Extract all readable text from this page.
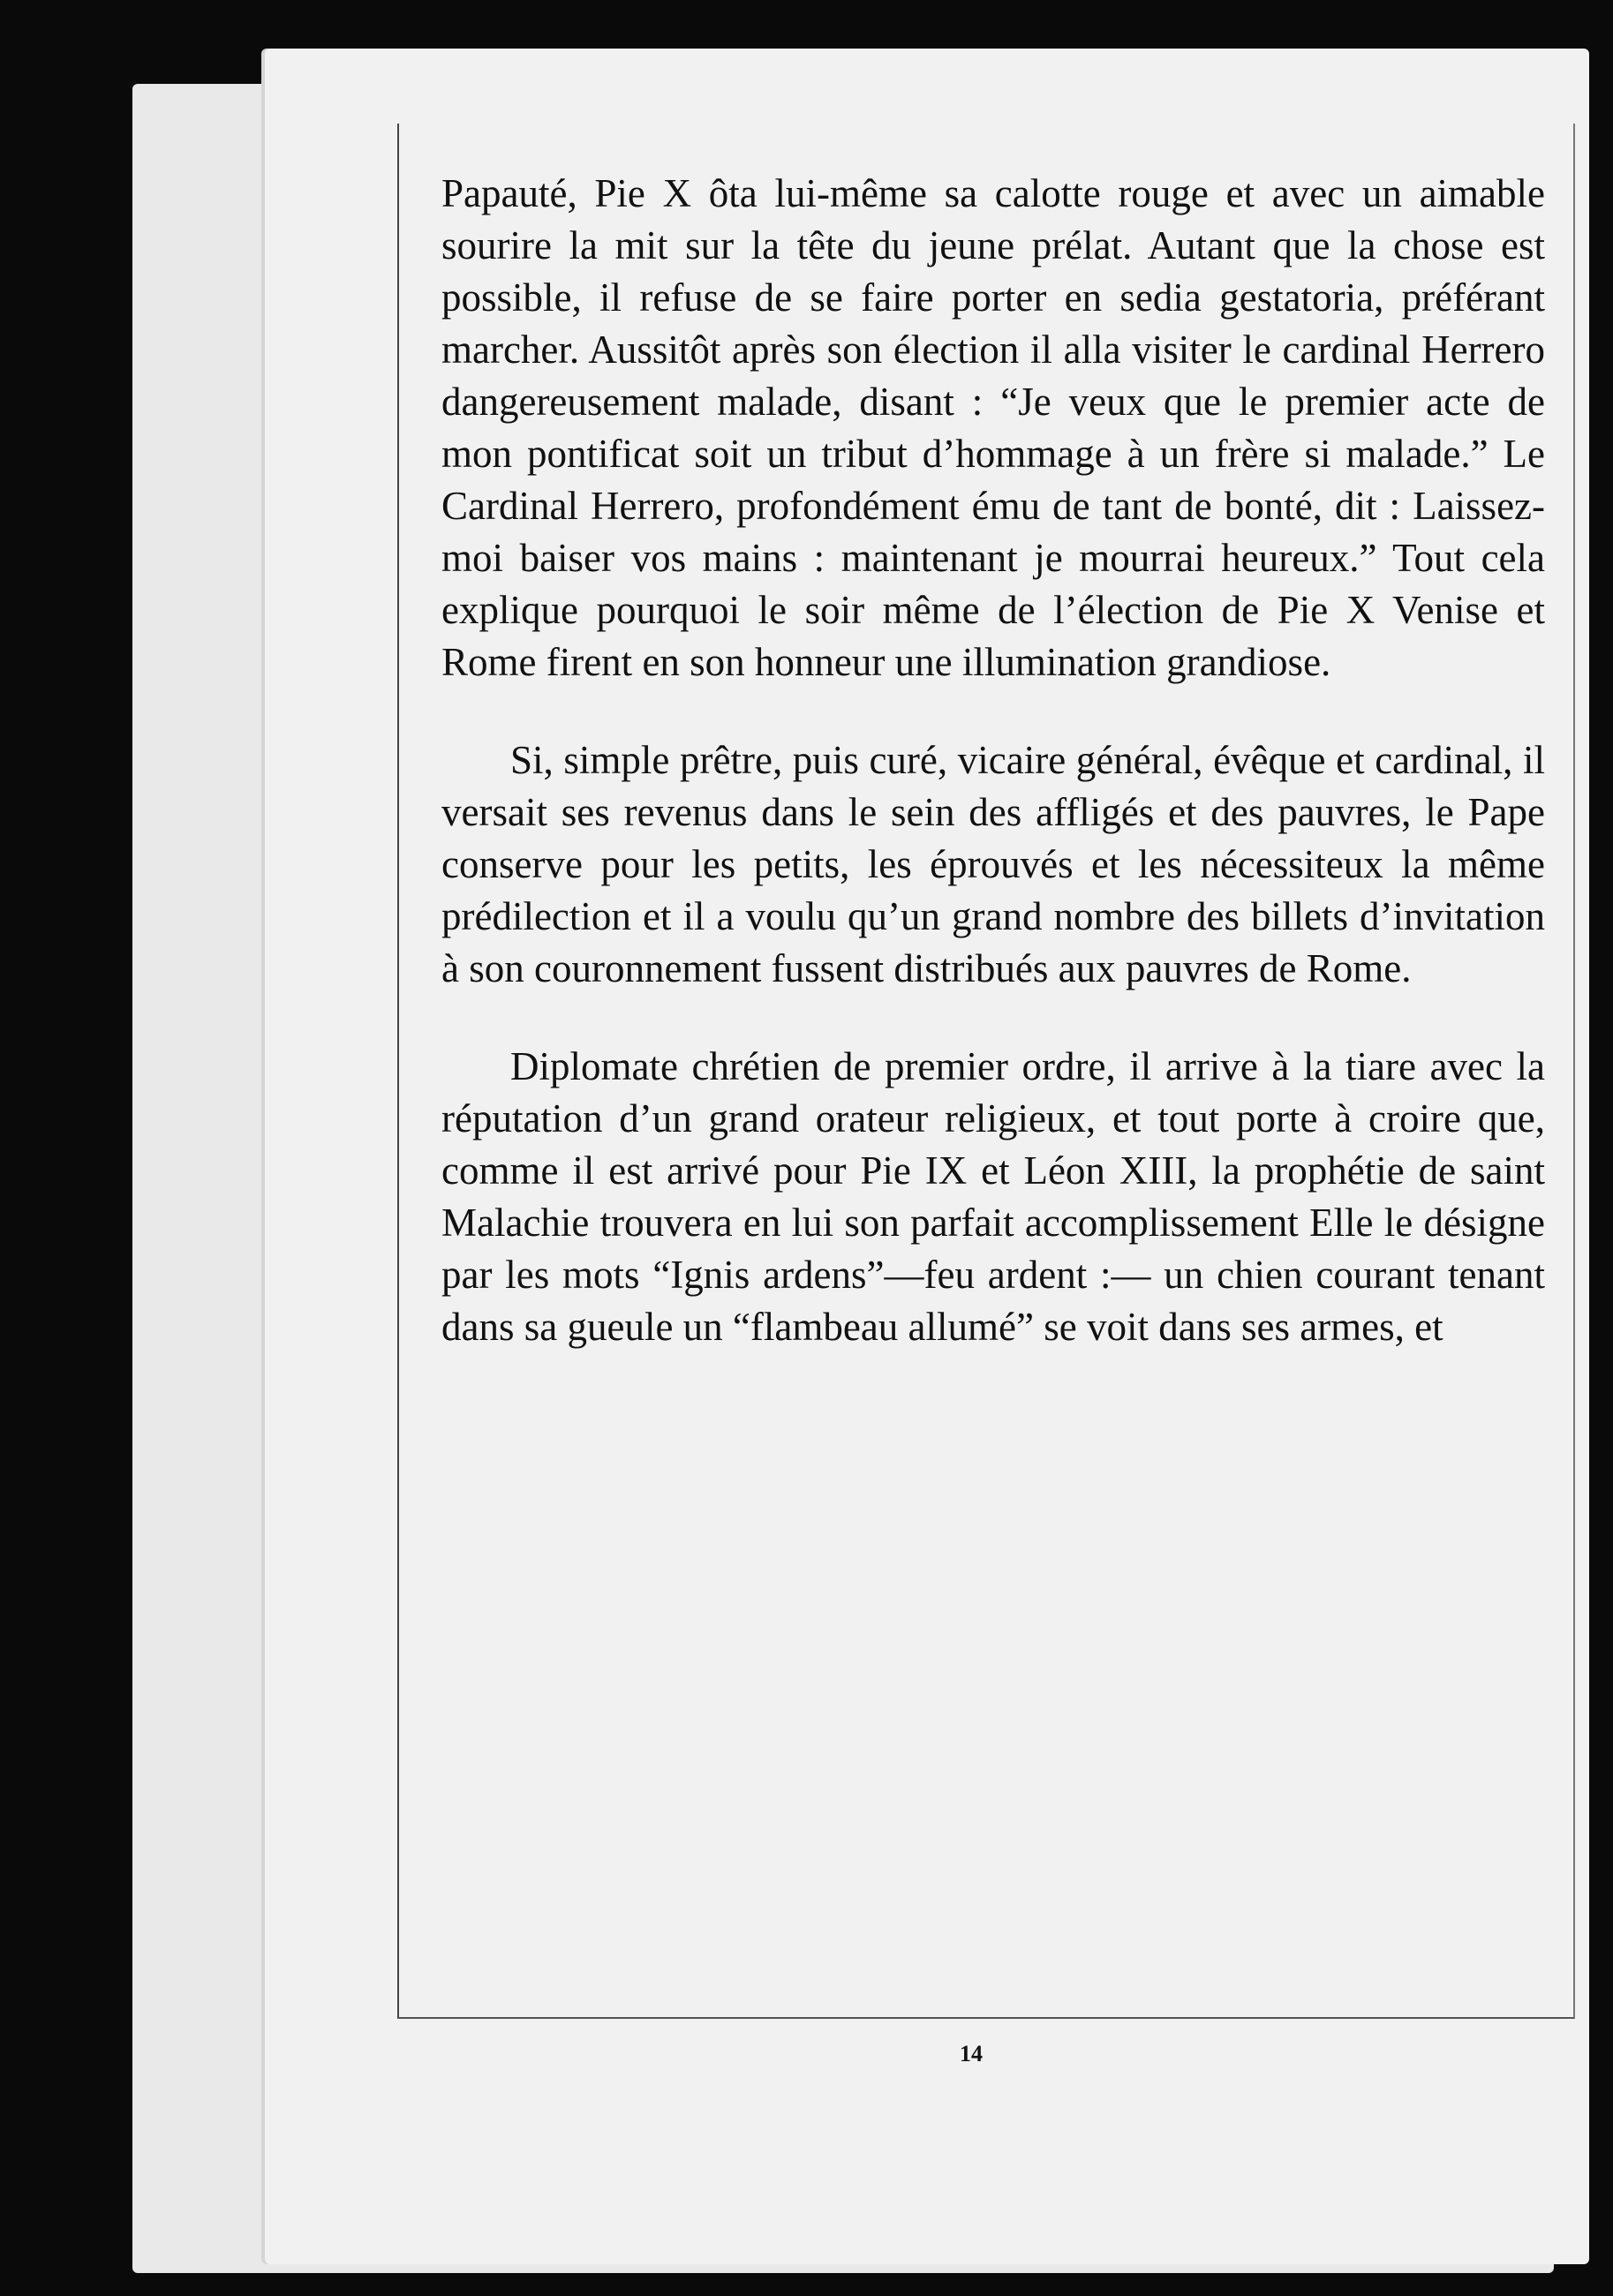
Papauté, Pie X ôta lui-même sa calotte rouge et avec un aimable sourire la mit sur la tête du jeune prélat. Autant que la chose est possible, il refuse de se faire porter en sedia gestatoria, préférant marcher. Aussitôt après son élection il alla visiter le cardinal Herrero dangereusement malade, disant : “Je veux que le premier acte de mon pontificat soit un tribut d’hommage à un frère si malade.” Le Cardinal Herrero, profondément ému de tant de bonté, dit : Laissez-moi baiser vos mains : maintenant je mourrai heureux.” Tout cela explique pourquoi le soir même de l’élection de Pie X Venise et Rome firent en son honneur une illumination grandiose.

Si, simple prêtre, puis curé, vicaire général, évêque et cardinal, il versait ses revenus dans le sein des affligés et des pauvres, le Pape conserve pour les petits, les éprouvés et les nécessiteux la même prédilection et il a voulu qu’un grand nombre des billets d’invitation à son couronnement fussent distribués aux pauvres de Rome.

Diplomate chrétien de premier ordre, il arrive à la tiare avec la réputation d’un grand orateur religieux, et tout porte à croire que, comme il est arrivé pour Pie IX et Léon XIII, la prophétie de saint Malachie trouvera en lui son parfait accomplissement Elle le désigne par les mots “Ignis ardens”—feu ardent :— un chien courant tenant dans sa gueule un “flambeau allumé” se voit dans ses armes, et

14
